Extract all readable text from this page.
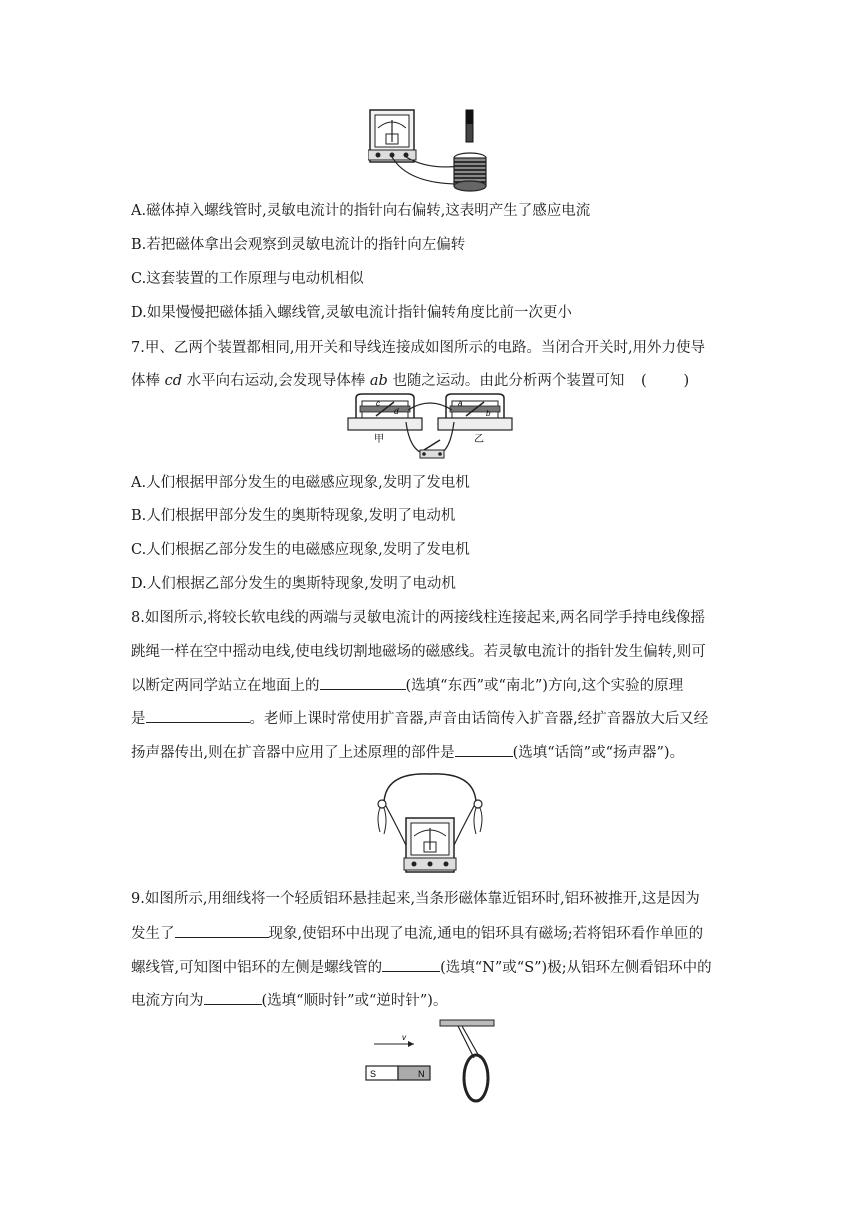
A.磁体掉入螺线管时,灵敏电流计的指针向右偏转,这表明产生了感应电流
B.若把磁体拿出会观察到灵敏电流计的指针向左偏转
C.这套装置的工作原理与电动机相似
D.如果慢慢把磁体插入螺线管,灵敏电流计指针偏转角度比前一次更小
7.甲、乙两个装置都相同,用开关和导线连接成如图所示的电路。当闭合开关时,用外力使导
体棒 cd 水平向右运动,会发现导体棒 ab 也随之运动。由此分析两个装置可知 (        )
c
d
a
b
甲	乙
A.人们根据甲部分发生的电磁感应现象,发明了发电机
B.人们根据甲部分发生的奥斯特现象,发明了电动机
C.人们根据乙部分发生的电磁感应现象,发明了发电机
D.人们根据乙部分发生的奥斯特现象,发明了电动机
8.如图所示,将较长软电线的两端与灵敏电流计的两接线柱连接起来,两名同学手持电线像摇
跳绳一样在空中摇动电线,使电线切割地磁场的磁感线。若灵敏电流计的指针发生偏转,则可
以断定两同学站立在地面上的	(选填“东西”或“南北”)方向,这个实验的原理
是	。老师上课时常使用扩音器,声音由话筒传入扩音器,经扩音器放大后又经
扬声器传出,则在扩音器中应用了上述原理的部件是	(选填“话筒”或“扬声器”)。
9.如图所示,用细线将一个轻质铝环悬挂起来,当条形磁体靠近铝环时,铝环被推开,这是因为
发生了	现象,使铝环中出现了电流,通电的铝环具有磁场;若将铝环看作单匝的
螺线管,可知图中铝环的左侧是螺线管的	(选填“N”或“S”)极;从铝环左侧看铝环中的
电流方向为	(选填“顺时针”或“逆时针”)。
v
S	N
